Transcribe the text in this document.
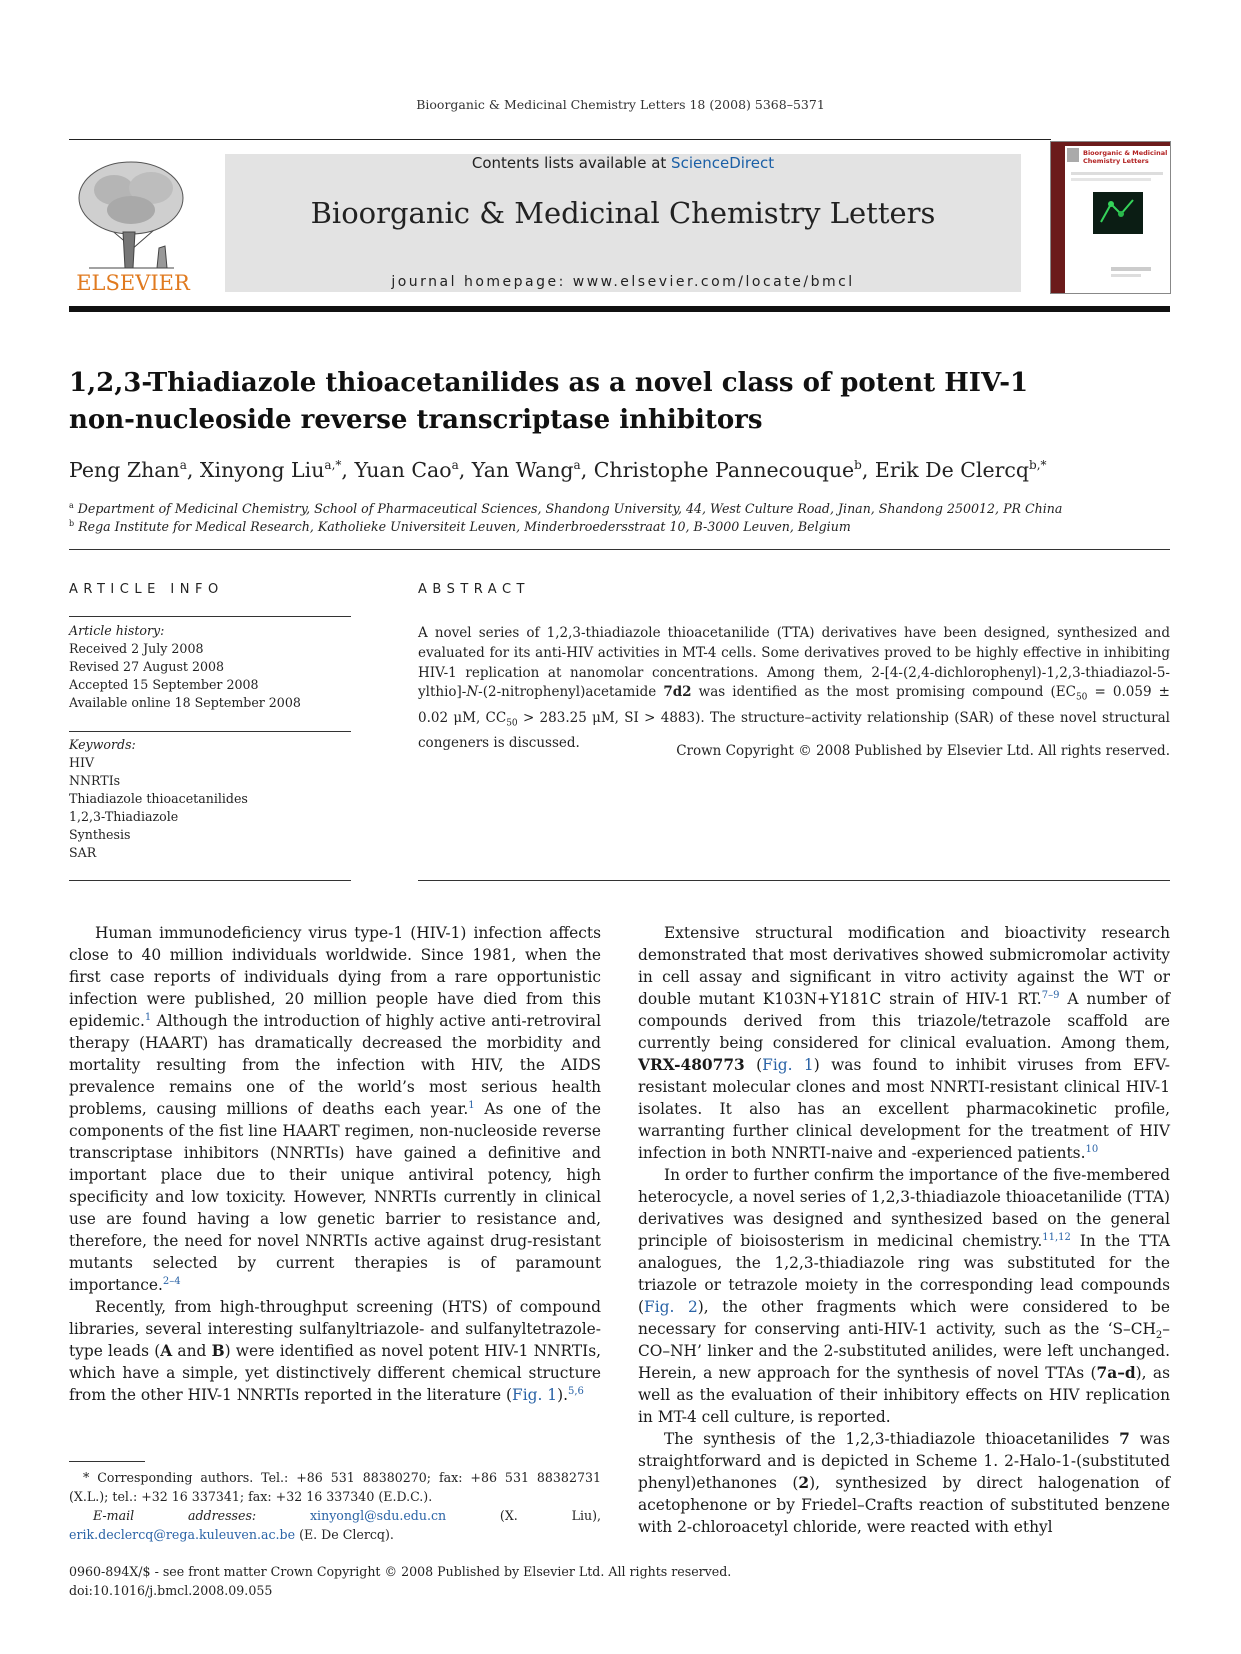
Bioorganic & Medicinal Chemistry Letters 18 (2008) 5368–5371
ELSEVIER
Contents lists available at ScienceDirect
Bioorganic & Medicinal Chemistry Letters
journal homepage: www.elsevier.com/locate/bmcl
Bioorganic & Medicinal Chemistry Letters
1,2,3-Thiadiazole thioacetanilides as a novel class of potent HIV-1
non-nucleoside reverse transcriptase inhibitors
Peng Zhan$^a$, Xinyong Liu$^{a,*}$, Yuan Cao$^a$, Yan Wang$^a$, Christophe Pannecouque$^b$, Erik De Clercq$^{b,*}$
$^a$ Department of Medicinal Chemistry, School of Pharmaceutical Sciences, Shandong University, 44, West Culture Road, Jinan, Shandong 250012, PR China
$^b$ Rega Institute for Medical Research, Katholieke Universiteit Leuven, Minderbroedersstraat 10, B-3000 Leuven, Belgium
ARTICLE INFO
Article history:
Received 2 July 2008
Revised 27 August 2008
Accepted 15 September 2008
Available online 18 September 2008
Keywords:
HIV
NNRTIs
Thiadiazole thioacetanilides
1,2,3-Thiadiazole
Synthesis
SAR
ABSTRACT
A novel series of 1,2,3-thiadiazole thioacetanilide (TTA) derivatives have been designed, synthesized and evaluated for its anti-HIV activities in MT-4 cells. Some derivatives proved to be highly effective in inhibiting HIV-1 replication at nanomolar concentrations. Among them, 2-[4-(2,4-dichlorophenyl)-1,2,3-thiadiazol-5-ylthio]-N-(2-nitrophenyl)acetamide 7d2 was identified as the most promising compound ($EC_{50} = 0.059 \pm 0.02$ μM, $CC_{50} > 283.25$ μM, SI > 4883). The structure–activity relationship (SAR) of these novel structural congeners is discussed.	Crown Copyright © 2008 Published by Elsevier Ltd. All rights reserved.

Human immunodeficiency virus type-1 (HIV-1) infection affects close to 40 million individuals worldwide. Since 1981, when the first case reports of individuals dying from a rare opportunistic infection were published, 20 million people have died from this epidemic.$^1$ Although the introduction of highly active anti-retroviral therapy (HAART) has dramatically decreased the morbidity and mortality resulting from the infection with HIV, the AIDS prevalence remains one of the world’s most serious health problems, causing millions of deaths each year.$^1$ As one of the components of the fist line HAART regimen, non-nucleoside reverse transcriptase inhibitors (NNRTIs) have gained a definitive and important place due to their unique antiviral potency, high specificity and low toxicity. However, NNRTIs currently in clinical use are found having a low genetic barrier to resistance and, therefore, the need for novel NNRTIs active against drug-resistant mutants selected by current therapies is of paramount importance.$^{2-4}$

Recently, from high-throughput screening (HTS) of compound libraries, several interesting sulfanyltriazole- and sulfanyltetrazole-type leads (A and B) were identified as novel potent HIV-1 NNRTIs, which have a simple, yet distinctively different chemical structure from the other HIV-1 NNRTIs reported in the literature (Fig. 1).$^{5,6}$

Extensive structural modification and bioactivity research demonstrated that most derivatives showed submicromolar activity in cell assay and significant in vitro activity against the WT or double mutant K103N+Y181C strain of HIV-1 RT.$^{7-9}$ A number of compounds derived from this triazole/tetrazole scaffold are currently being considered for clinical evaluation. Among them, VRX-480773 (Fig. 1) was found to inhibit viruses from EFV-resistant molecular clones and most NNRTI-resistant clinical HIV-1 isolates. It also has an excellent pharmacokinetic profile, warranting further clinical development for the treatment of HIV infection in both NNRTI-naive and -experienced patients.$^{10}$

In order to further confirm the importance of the five-membered heterocycle, a novel series of 1,2,3-thiadiazole thioacetanilide (TTA) derivatives was designed and synthesized based on the general principle of bioisosterism in medicinal chemistry.$^{11,12}$ In the TTA analogues, the 1,2,3-thiadiazole ring was substituted for the triazole or tetrazole moiety in the corresponding lead compounds (Fig. 2), the other fragments which were considered to be necessary for conserving anti-HIV-1 activity, such as the ‘$S-CH_2-CO-NH$’ linker and the 2-substituted anilides, were left unchanged. Herein, a new approach for the synthesis of novel TTAs (7a–d), as well as the evaluation of their inhibitory effects on HIV replication in MT-4 cell culture, is reported.

The synthesis of the 1,2,3-thiadiazole thioacetanilides 7 was straightforward and is depicted in Scheme 1. 2-Halo-1-(substituted phenyl)ethanones (2), synthesized by direct halogenation of acetophenone or by Friedel–Crafts reaction of substituted benzene with 2-chloroacetyl chloride, were reacted with ethyl

* Corresponding authors. Tel.: +86 531 88380270; fax: +86 531 88382731 (X.L.); tel.: +32 16 337341; fax: +32 16 337340 (E.D.C.).
E-mail addresses: xinyongl@sdu.edu.cn (X. Liu), erik.declercq@rega.kuleuven.ac.be (E. De Clercq).
0960-894X/$ - see front matter Crown Copyright © 2008 Published by Elsevier Ltd. All rights reserved.
doi:10.1016/j.bmcl.2008.09.055
